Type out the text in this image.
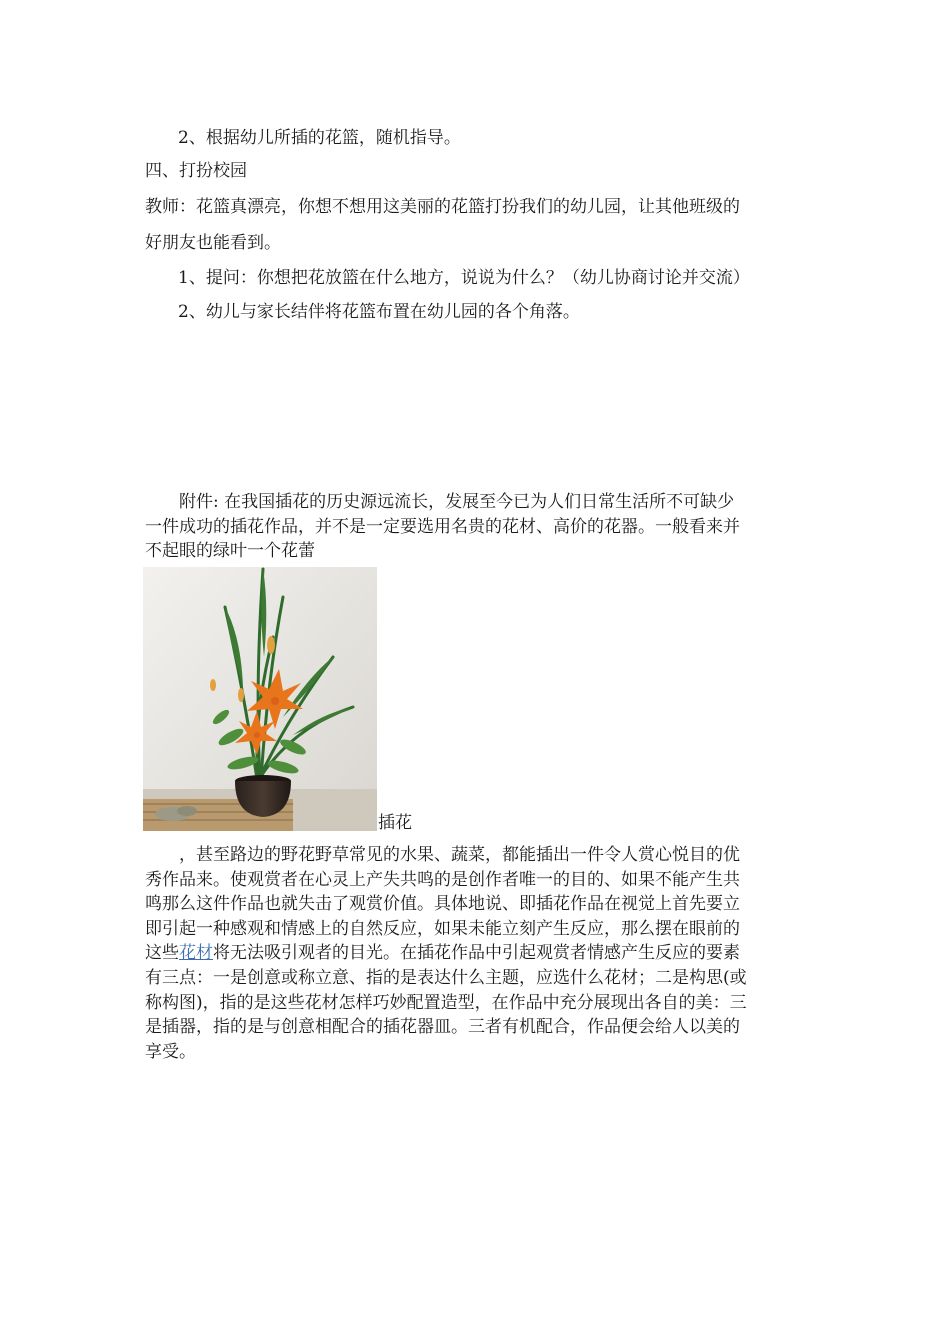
2、根据幼儿所插的花篮，随机指导。
四、打扮校园
教师：花篮真漂亮，你想不想用这美丽的花篮打扮我们的幼儿园，让其他班级的
好朋友也能看到。
1、提问：你想把花放篮在什么地方，说说为什么？（幼儿协商讨论并交流）
2、幼儿与家长结伴将花篮布置在幼儿园的各个角落。
附件: 在我国插花的历史源远流长，发展至今已为人们日常生活所不可缺少
一件成功的插花作品，并不是一定要选用名贵的花材、高价的花器。一般看来并
不起眼的绿叶一个花蕾
插花
，甚至路边的野花野草常见的水果、蔬菜，都能插出一件令人赏心悦目的优
秀作品来。使观赏者在心灵上产失共鸣的是创作者唯一的目的、如果不能产生共
鸣那么这件作品也就失击了观赏价值。具体地说、即插花作品在视觉上首先要立
即引起一种感观和情感上的自然反应，如果未能立刻产生反应，那么摆在眼前的
这些花材将无法吸引观者的目光。在插花作品中引起观赏者情感产生反应的要素
有三点：一是创意或称立意、指的是表达什么主题，应选什么花材；二是构思(或
称构图)，指的是这些花材怎样巧妙配置造型，在作品中充分展现出各自的美：三
是插器，指的是与创意相配合的插花器皿。三者有机配合，作品便会给人以美的
享受。
